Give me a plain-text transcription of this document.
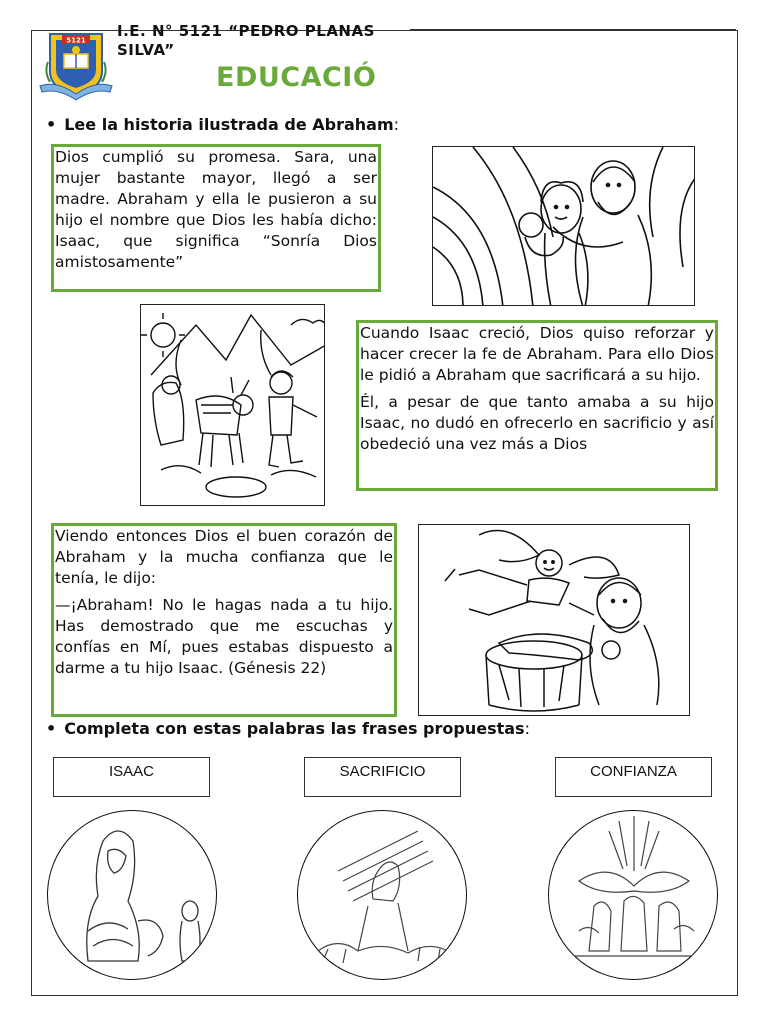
5121
I.E. N° 5121 “PEDRO PLANAS SILVA”
EDUCACIÓ
• Lee la historia ilustrada de Abraham:

Dios cumplió su promesa. Sara, una mujer bastante mayor, llegó a ser madre. Abraham y ella le pusieron a su hijo el nombre que Dios les había dicho: Isaac, que significa “Sonría Dios amistosamente”

Cuando Isaac creció, Dios quiso reforzar y hacer crecer la fe de Abraham. Para ello Dios le pidió a Abraham que sacrificará a su hijo.

Él, a pesar de que tanto amaba a su hijo Isaac, no dudó en ofrecerlo en sacrificio y así obedeció una vez más a Dios

Viendo entonces Dios el buen corazón de Abraham y la mucha confianza que le tenía, le dijo:

—¡Abraham! No le hagas nada a tu hijo. Has demostrado que me escuchas y confías en Mí, pues estabas dispuesto a darme a tu hijo Isaac. (Génesis 22)

• Completa con estas palabras las frases propuestas:
ISAAC	SACRIFICIO	CONFIANZA
